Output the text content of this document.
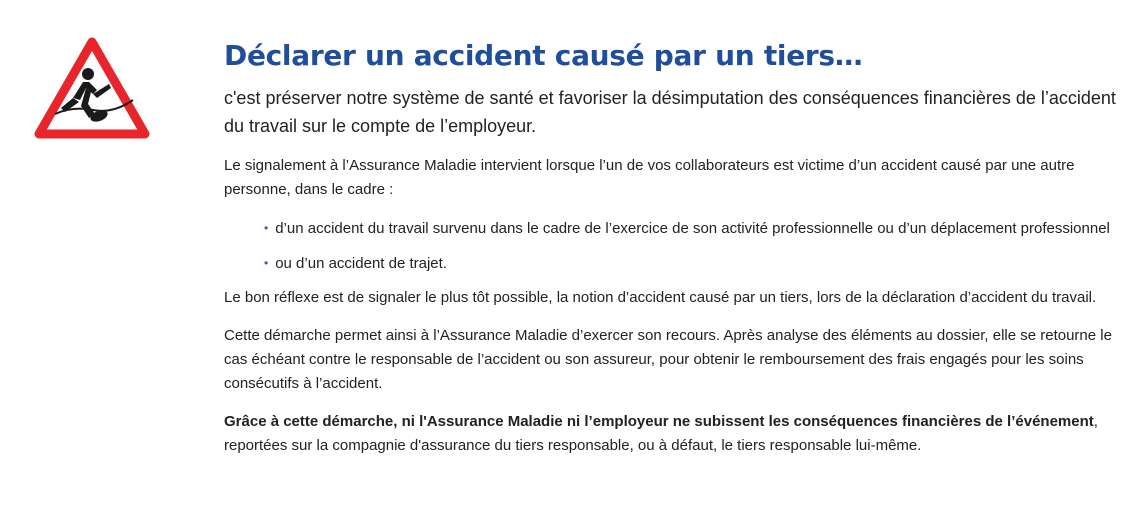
Déclarer un accident causé par un tiers…

c'est préserver notre système de santé et favoriser la désimputation des conséquences financières de l’accident du travail sur le compte de l’employeur.

Le signalement à l’Assurance Maladie intervient lorsque l’un de vos collaborateurs est victime d’un accident causé par une autre personne, dans le cadre :

• d’un accident du travail survenu dans le cadre de l’exercice de son activité professionnelle ou d’un déplacement professionnel
• ou d’un accident de trajet.

Le bon réflexe est de signaler le plus tôt possible, la notion d’accident causé par un tiers, lors de la déclaration d’accident du travail.

Cette démarche permet ainsi à l’Assurance Maladie d’exercer son recours. Après analyse des éléments au dossier, elle se retourne le cas échéant contre le responsable de l’accident ou son assureur, pour obtenir le remboursement des frais engagés pour les soins consécutifs à l’accident.

Grâce à cette démarche, ni l'Assurance Maladie ni l’employeur ne subissent les conséquences financières de l’événement, reportées sur la compagnie d'assurance du tiers responsable, ou à défaut, le tiers responsable lui-même.
